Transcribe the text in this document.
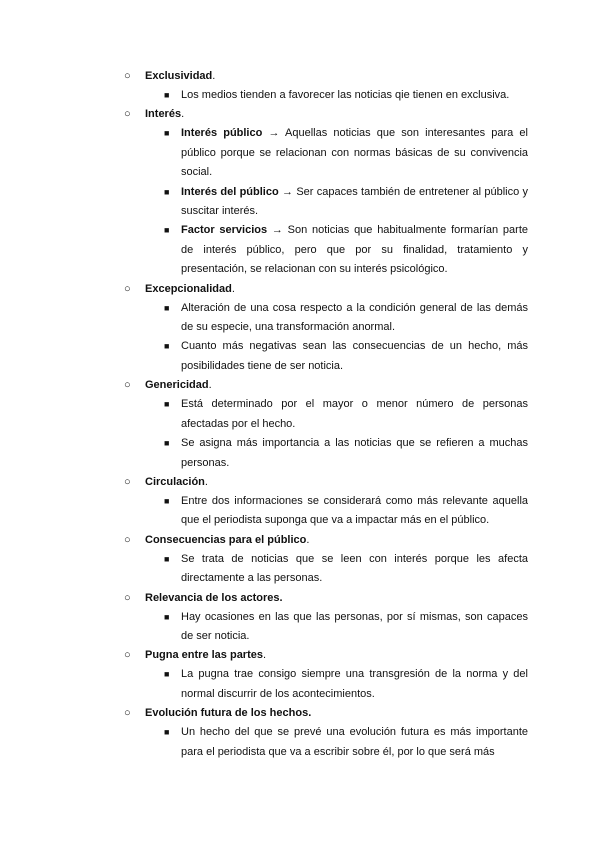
○ Exclusividad.
■ Los medios tienden a favorecer las noticias qie tienen en exclusiva.
○ Interés.
■ Interés público → Aquellas noticias que son interesantes para el público porque se relacionan con normas básicas de su convivencia social.
■ Interés del público → Ser capaces también de entretener al público y suscitar interés.
■ Factor servicios → Son noticias que habitualmente formarían parte de interés público, pero que por su finalidad, tratamiento y presentación, se relacionan con su interés psicológico.
○ Excepcionalidad.
■ Alteración de una cosa respecto a la condición general de las demás de su especie, una transformación anormal.
■ Cuanto más negativas sean las consecuencias de un hecho, más posibilidades tiene de ser noticia.
○ Genericidad.
■ Está determinado por el mayor o menor número de personas afectadas por el hecho.
■ Se asigna más importancia a las noticias que se refieren a muchas personas.
○ Circulación.
■ Entre dos informaciones se considerará como más relevante aquella que el periodista suponga que va a impactar más en el público.
○ Consecuencias para el público.
■ Se trata de noticias que se leen con interés porque les afecta directamente a las personas.
○ Relevancia de los actores.
■ Hay ocasiones en las que las personas, por sí mismas, son capaces de ser noticia.
○ Pugna entre las partes.
■ La pugna trae consigo siempre una transgresión de la norma y del normal discurrir de los acontecimientos.
○ Evolución futura de los hechos.
■ Un hecho del que se prevé una evolución futura es más importante para el periodista que va a escribir sobre él, por lo que será más
